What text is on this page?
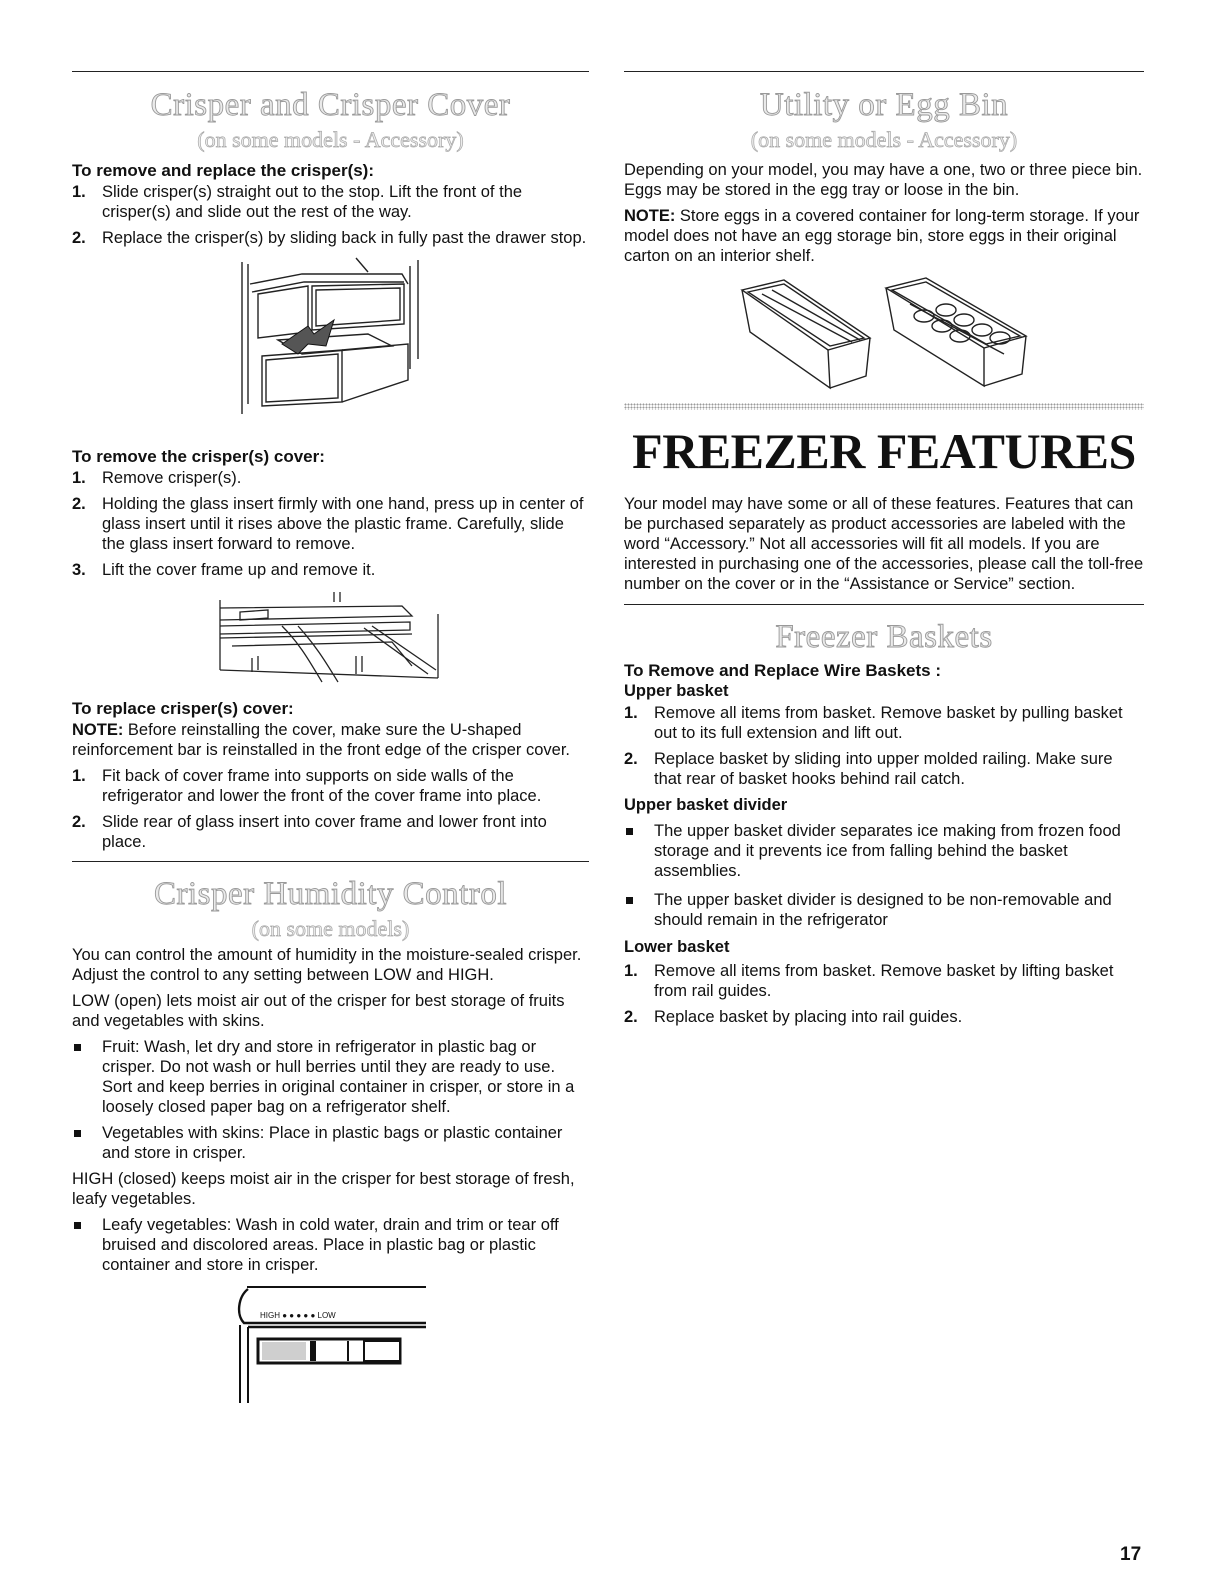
Crisper and Crisper Cover
(on some models - Accessory)
To remove and replace the crisper(s):
1. Slide crisper(s) straight out to the stop. Lift the front of the crisper(s) and slide out the rest of the way.
2. Replace the crisper(s) by sliding back in fully past the drawer stop.
To remove the crisper(s) cover:
1. Remove crisper(s).
2. Holding the glass insert firmly with one hand, press up in center of glass insert until it rises above the plastic frame. Carefully, slide the glass insert forward to remove.
3. Lift the cover frame up and remove it.
To replace crisper(s) cover:

NOTE: Before reinstalling the cover, make sure the U-shaped reinforcement bar is reinstalled in the front edge of the crisper cover.

1. Fit back of cover frame into supports on side walls of the refrigerator and lower the front of the cover frame into place.
2. Slide rear of glass insert into cover frame and lower front into place.
Crisper Humidity Control
(on some models)

You can control the amount of humidity in the moisture-sealed crisper. Adjust the control to any setting between LOW and HIGH.

LOW (open) lets moist air out of the crisper for best storage of fruits and vegetables with skins.

Fruit: Wash, let dry and store in refrigerator in plastic bag or crisper. Do not wash or hull berries until they are ready to use. Sort and keep berries in original container in crisper, or store in a loosely closed paper bag on a refrigerator shelf.
Vegetables with skins: Place in plastic bags or plastic container and store in crisper.

HIGH (closed) keeps moist air in the crisper for best storage of fresh, leafy vegetables.

Leafy vegetables: Wash in cold water, drain and trim or tear off bruised and discolored areas. Place in plastic bag or plastic container and store in crisper.
HIGH ● ● ● ● ● LOW
Utility or Egg Bin
(on some models - Accessory)

Depending on your model, you may have a one, two or three piece bin. Eggs may be stored in the egg tray or loose in the bin.

NOTE: Store eggs in a covered container for long-term storage. If your model does not have an egg storage bin, store eggs in their original carton on an interior shelf.

FREEZER FEATURES

Your model may have some or all of these features. Features that can be purchased separately as product accessories are labeled with the word “Accessory.” Not all accessories will fit all models. If you are interested in purchasing one of the accessories, please call the toll-free number on the cover or in the “Assistance or Service” section.

Freezer Baskets
To Remove and Replace Wire Baskets :
Upper basket
1. Remove all items from basket. Remove basket by pulling basket out to its full extension and lift out.
2. Replace basket by sliding into upper molded railing. Make sure that rear of basket hooks behind rail catch.
Upper basket divider
The upper basket divider separates ice making from frozen food storage and it prevents ice from falling behind the basket assemblies.
The upper basket divider is designed to be non-removable and should remain in the refrigerator
Lower basket
1. Remove all items from basket. Remove basket by lifting basket from rail guides.
2. Replace basket by placing into rail guides.
17
